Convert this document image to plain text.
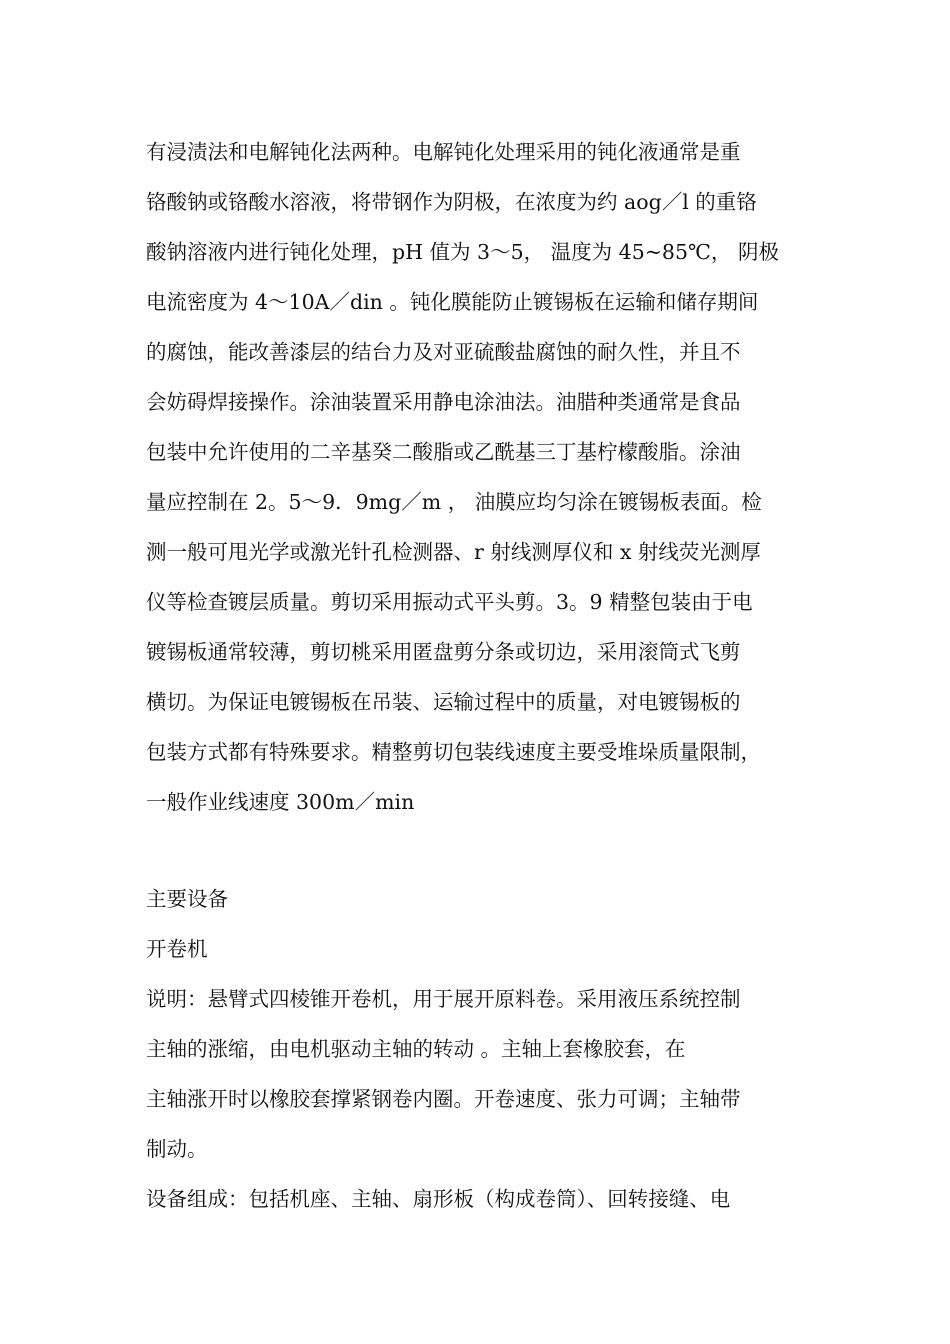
有浸渍法和电解钝化法两种。电解钝化处理采用的钝化液通常是重
铬酸钠或铬酸水溶液，将带钢作为阴极，在浓度为约 aog／l 的重铬
酸钠溶液内进行钝化处理，pH 值为 3～5， 温度为 45~85℃， 阴极
电流密度为 4～10A／din 。钝化膜能防止镀锡板在运输和储存期间
的腐蚀，能改善漆层的结台力及对亚硫酸盐腐蚀的耐久性，并且不
会妨碍焊接操作。涂油装置采用静电涂油法。油腊种类通常是食品
包装中允许使用的二辛基癸二酸脂或乙酰基三丁基柠檬酸脂。涂油
量应控制在 2。5～9．9mg／m ， 油膜应均匀涂在镀锡板表面。检
测一般可甩光学或激光针孔检测器、r 射线测厚仪和 x 射线荧光测厚
仪等检查镀层质量。剪切采用振动式平头剪。3。9 精整包装由于电
镀锡板通常较薄，剪切桃采用匿盘剪分条或切边，采用滚筒式飞剪
横切。为保证电镀锡板在吊装、运输过程中的质量，对电镀锡板的
包装方式都有特殊要求。精整剪切包装线速度主要受堆垛质量限制，
一般作业线速度 300m／min
主要设备
开卷机
说明：悬臂式四棱锥开卷机，用于展开原料卷。采用液压系统控制
主轴的涨缩，由电机驱动主轴的转动 。主轴上套橡胶套，在
主轴涨开时以橡胶套撑紧钢卷内圈。开卷速度、张力可调；主轴带
制动。
设备组成：包括机座、主轴、扇形板（构成卷筒）、回转接缝、电
